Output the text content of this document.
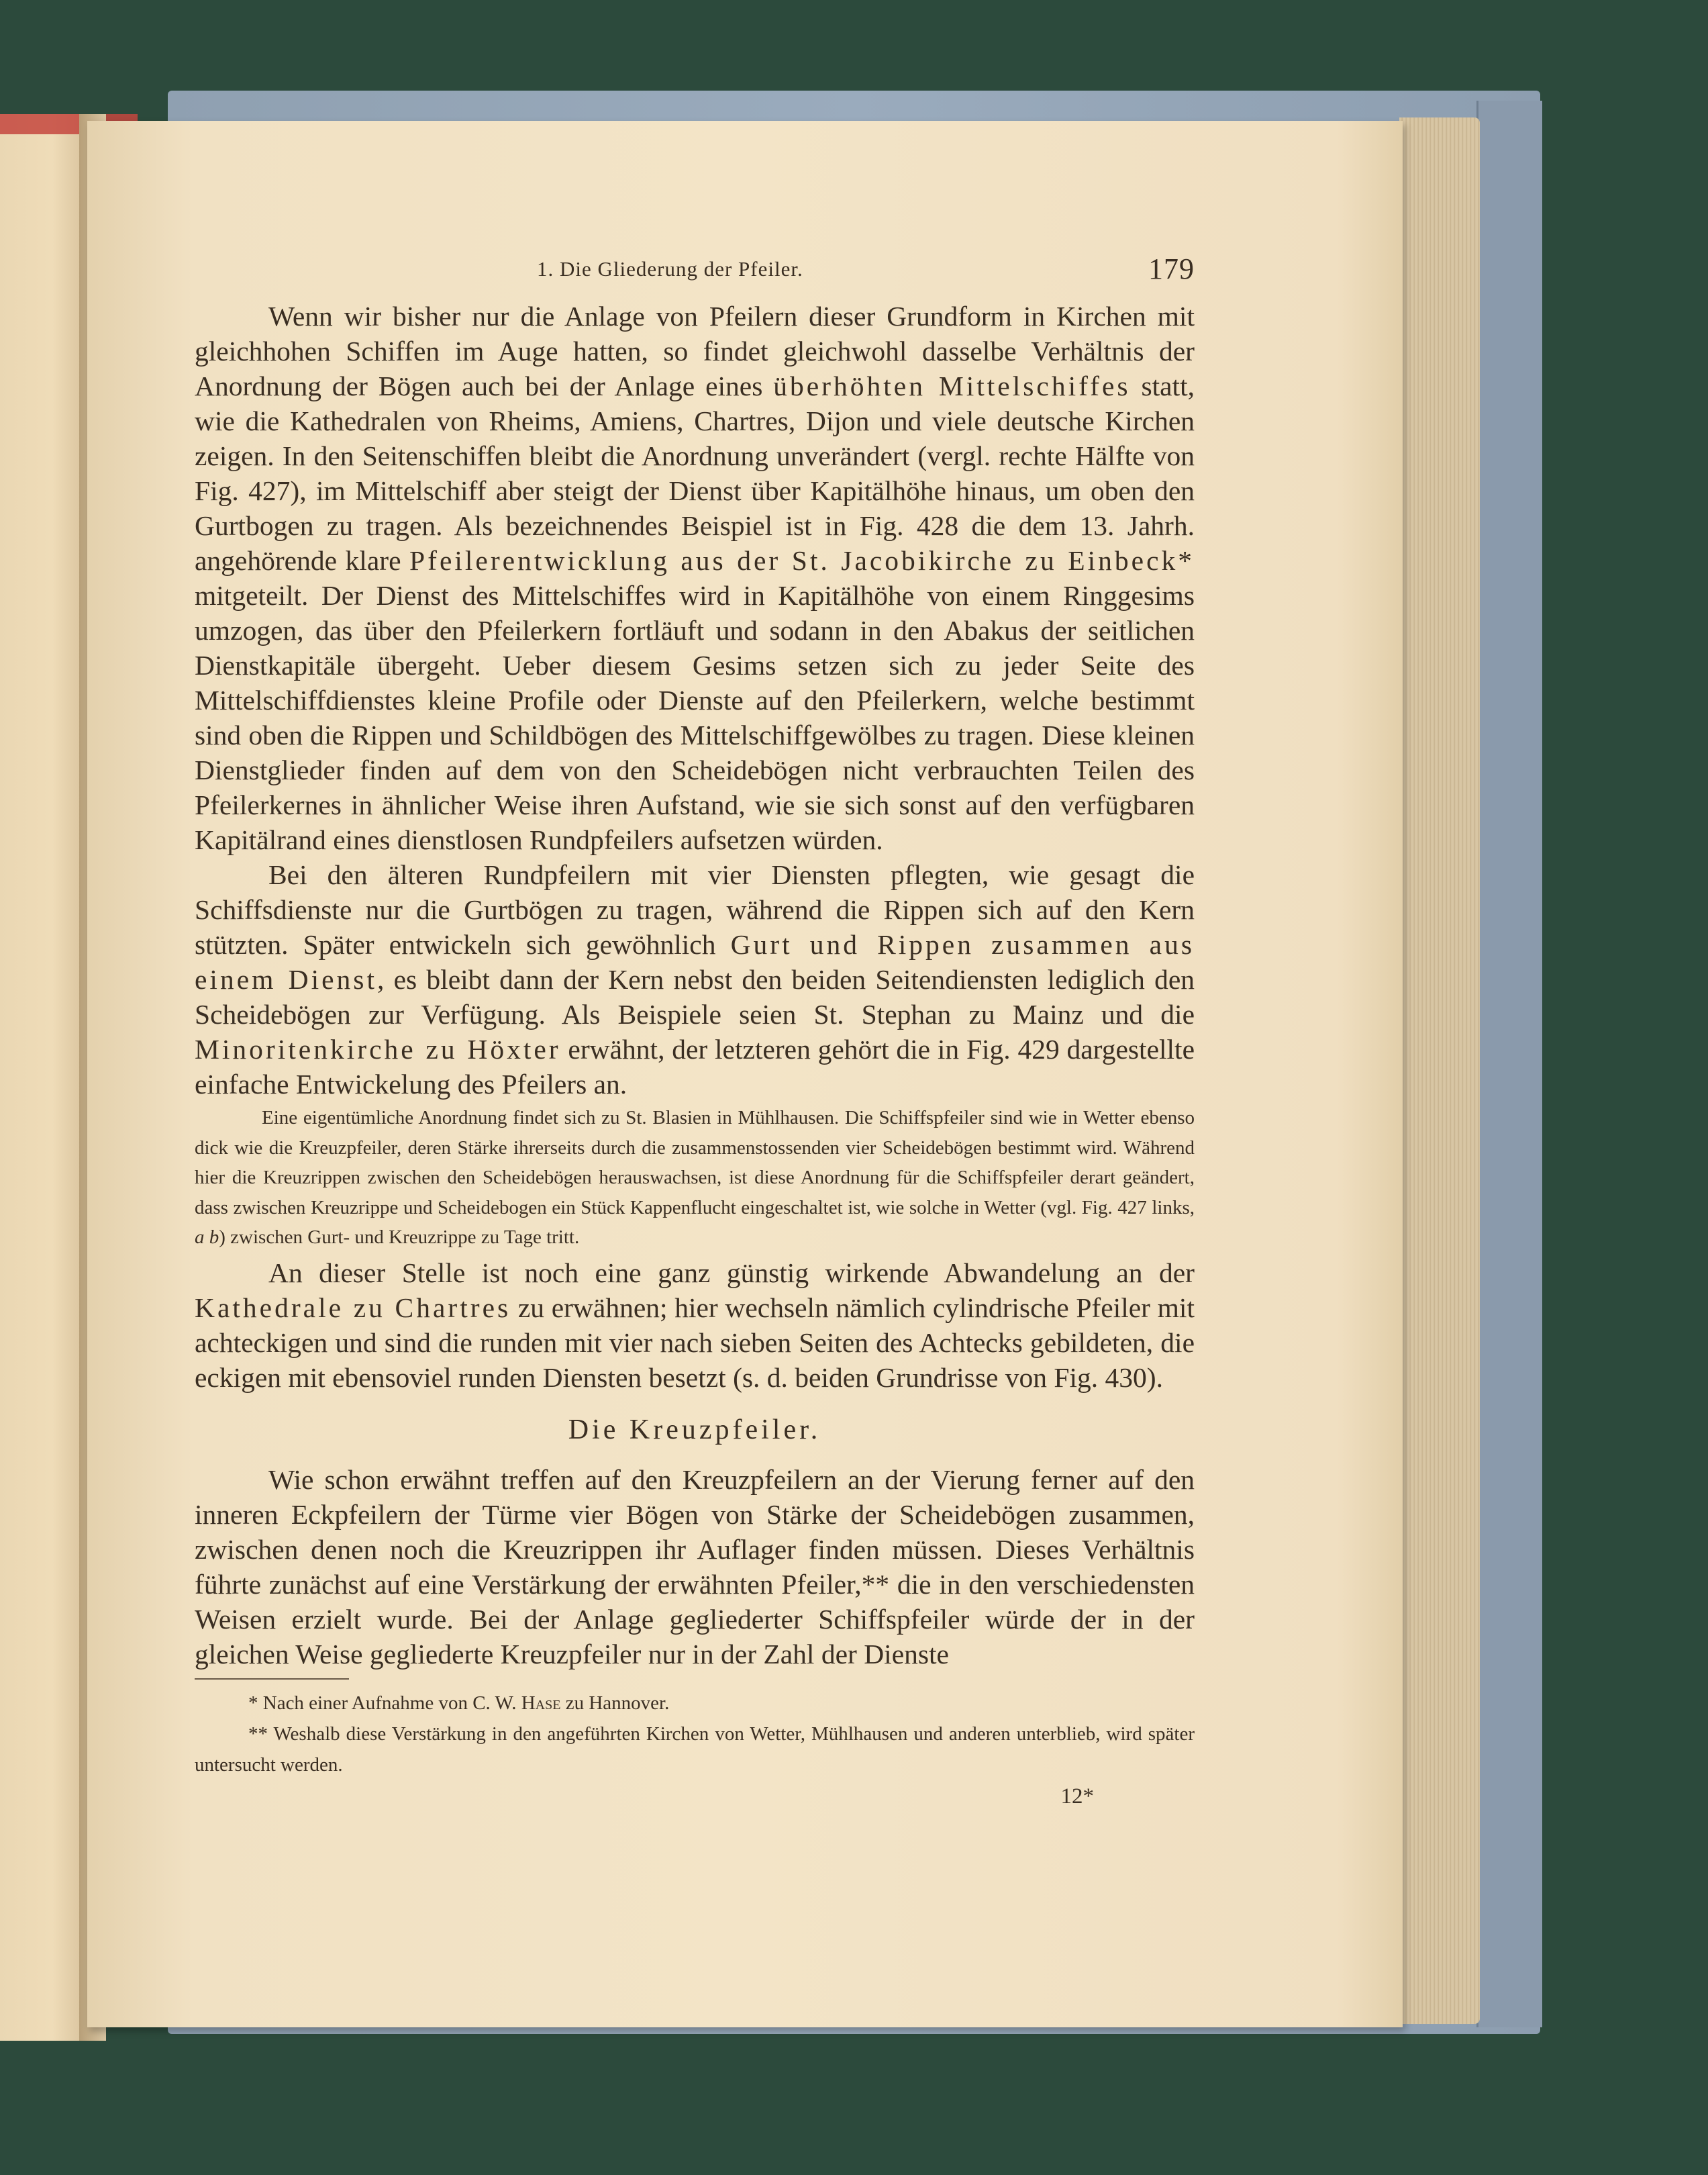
1. Die Gliederung der Pfeiler.	179

Wenn wir bisher nur die Anlage von Pfeilern dieser Grundform in Kirchen mit gleichhohen Schiffen im Auge hatten, so findet gleichwohl dasselbe Verhältnis der Anordnung der Bögen auch bei der Anlage eines überhöhten Mittelschiffes statt, wie die Kathedralen von Rheims, Amiens, Chartres, Dijon und viele deutsche Kirchen zeigen. In den Seitenschiffen bleibt die Anordnung unverändert (vergl. rechte Hälfte von Fig. 427), im Mittelschiff aber steigt der Dienst über Kapitälhöhe hinaus, um oben den Gurtbogen zu tragen. Als bezeichnendes Beispiel ist in Fig. 428 die dem 13. Jahrh. angehörende klare Pfeilerentwicklung aus der St. Jacobikirche zu Einbeck* mitgeteilt. Der Dienst des Mittelschiffes wird in Kapitälhöhe von einem Ringgesims umzogen, das über den Pfeilerkern fortläuft und sodann in den Abakus der seitlichen Dienstkapitäle übergeht. Ueber diesem Gesims setzen sich zu jeder Seite des Mittelschiffdienstes kleine Profile oder Dienste auf den Pfeilerkern, welche bestimmt sind oben die Rippen und Schildbögen des Mittelschiffgewölbes zu tragen. Diese kleinen Dienstglieder finden auf dem von den Scheidebögen nicht verbrauchten Teilen des Pfeilerkernes in ähnlicher Weise ihren Aufstand, wie sie sich sonst auf den verfügbaren Kapitälrand eines dienstlosen Rundpfeilers aufsetzen würden.

Bei den älteren Rundpfeilern mit vier Diensten pflegten, wie gesagt die Schiffsdienste nur die Gurtbögen zu tragen, während die Rippen sich auf den Kern stützten. Später entwickeln sich gewöhnlich Gurt und Rippen zusammen aus einem Dienst, es bleibt dann der Kern nebst den beiden Seitendiensten lediglich den Scheidebögen zur Verfügung. Als Beispiele seien St. Stephan zu Mainz und die Minoritenkirche zu Höxter erwähnt, der letzteren gehört die in Fig. 429 dargestellte einfache Entwickelung des Pfeilers an.

Eine eigentümliche Anordnung findet sich zu St. Blasien in Mühlhausen. Die Schiffspfeiler sind wie in Wetter ebenso dick wie die Kreuzpfeiler, deren Stärke ihrerseits durch die zusammenstossenden vier Scheidebögen bestimmt wird. Während hier die Kreuzrippen zwischen den Scheidebögen herauswachsen, ist diese Anordnung für die Schiffspfeiler derart geändert, dass zwischen Kreuzrippe und Scheidebogen ein Stück Kappenflucht eingeschaltet ist, wie solche in Wetter (vgl. Fig. 427 links, a b) zwischen Gurt- und Kreuzrippe zu Tage tritt.

An dieser Stelle ist noch eine ganz günstig wirkende Abwandelung an der Kathedrale zu Chartres zu erwähnen; hier wechseln nämlich cylindrische Pfeiler mit achteckigen und sind die runden mit vier nach sieben Seiten des Achtecks gebildeten, die eckigen mit ebensoviel runden Diensten besetzt (s. d. beiden Grundrisse von Fig. 430).

Die Kreuzpfeiler.

Wie schon erwähnt treffen auf den Kreuzpfeilern an der Vierung ferner auf den inneren Eckpfeilern der Türme vier Bögen von Stärke der Scheidebögen zusammen, zwischen denen noch die Kreuzrippen ihr Auflager finden müssen. Dieses Verhältnis führte zunächst auf eine Verstärkung der erwähnten Pfeiler,** die in den verschiedensten Weisen erzielt wurde. Bei der Anlage gegliederter Schiffspfeiler würde der in der gleichen Weise gegliederte Kreuzpfeiler nur in der Zahl der Dienste

* Nach einer Aufnahme von C. W. Hase zu Hannover.

** Weshalb diese Verstärkung in den angeführten Kirchen von Wetter, Mühlhausen und anderen unterblieb, wird später untersucht werden.

12*
